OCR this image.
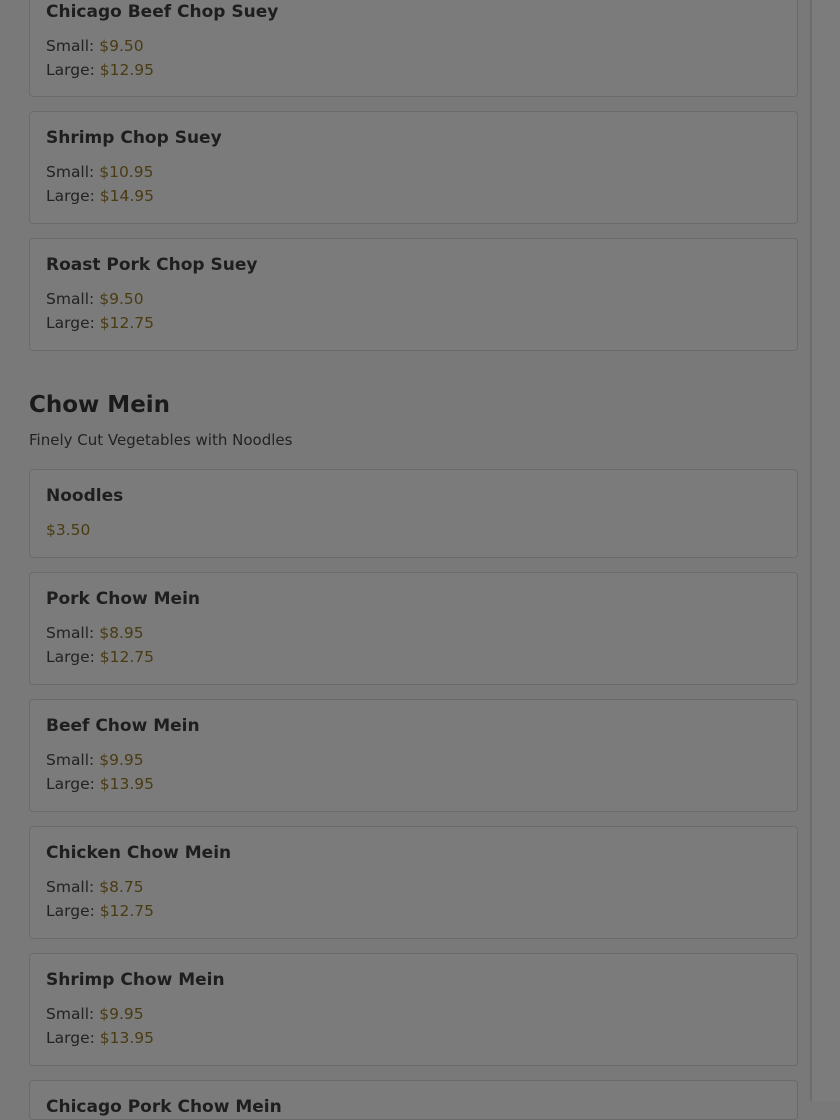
Chicago Beef Chop Suey
Small: $9.50
Large: $12.95
Shrimp Chop Suey
Small: $10.95
Large: $14.95
Roast Pork Chop Suey
Small: $9.50
Large: $12.75
Chow Mein
Finely Cut Vegetables with Noodles
Noodles
$3.50
Pork Chow Mein
Small: $8.95
Large: $12.75
Beef Chow Mein
Small: $9.95
Large: $13.95
Chicken Chow Mein
Small: $8.75
Large: $12.75
Shrimp Chow Mein
Small: $9.95
Large: $13.95
Chicago Pork Chow Mein
